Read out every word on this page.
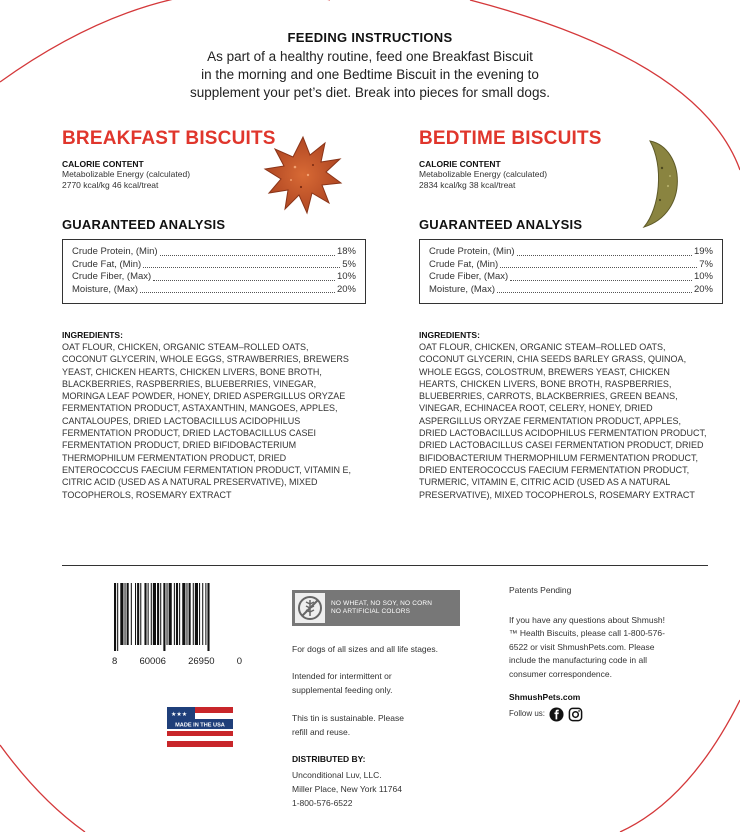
FEEDING INSTRUCTIONS

As part of a healthy routine, feed one Breakfast Biscuit
in the morning and one Bedtime Biscuit in the evening to
supplement your pet’s diet. Break into pieces for small dogs.

BREAKFAST BISCUITS
CALORIE CONTENT
Metabolizable Energy (calculated)
2770 kcal/kg 46 kcal/treat
GUARANTEED ANALYSIS
Crude Protein, (Min)	18%
Crude Fat, (Min)	5%
Crude Fiber, (Max)	10%
Moisture, (Max)	20%
INGREDIENTS:
OAT FLOUR, CHICKEN, ORGANIC STEAM–ROLLED OATS, COCONUT GLYCERIN, WHOLE EGGS, STRAWBERRIES, BREWERS YEAST, CHICKEN HEARTS, CHICKEN LIVERS, BONE BROTH, BLACKBERRIES, RASPBERRIES, BLUEBERRIES, VINEGAR, MORINGA LEAF POWDER, HONEY, DRIED ASPERGILLUS ORYZAE FERMENTATION PRODUCT, ASTAXANTHIN, MANGOES, APPLES, CANTALOUPES, DRIED LACTOBACILLUS ACIDOPHILUS FERMENTATION PRODUCT, DRIED LACTOBACILLUS CASEI FERMENTATION PRODUCT, DRIED BIFIDOBACTERIUM THERMOPHILUM FERMENTATION PRODUCT, DRIED ENTEROCOCCUS FAECIUM FERMENTATION PRODUCT, VITAMIN E, CITRIC ACID (USED AS A NATURAL PRESERVATIVE), MIXED TOCOPHEROLS, ROSEMARY EXTRACT
BEDTIME BISCUITS
CALORIE CONTENT
Metabolizable Energy (calculated)
2834 kcal/kg 38 kcal/treat
GUARANTEED ANALYSIS
Crude Protein, (Min)	19%
Crude Fat, (Min)	7%
Crude Fiber, (Max)	10%
Moisture, (Max)	20%
INGREDIENTS:
OAT FLOUR, CHICKEN, ORGANIC STEAM–ROLLED OATS, COCONUT GLYCERIN, CHIA SEEDS BARLEY GRASS, QUINOA, WHOLE EGGS, COLOSTRUM, BREWERS YEAST, CHICKEN HEARTS, CHICKEN LIVERS, BONE BROTH, RASPBERRIES, BLUEBERRIES, CARROTS, BLACKBERRIES, GREEN BEANS, VINEGAR, ECHINACEA ROOT, CELERY, HONEY, DRIED ASPERGILLUS ORYZAE FERMENTATION PRODUCT, APPLES, DRIED LACTOBACILLUS ACIDOPHILUS FERMENTATION PRODUCT, DRIED LACTOBACILLUS CASEI FERMENTATION PRODUCT, DRIED BIFIDOBACTERIUM THERMOPHILUM FERMENTATION PRODUCT, DRIED ENTEROCOCCUS FAECIUM FERMENTATION PRODUCT, TURMERIC, VITAMIN E, CITRIC ACID (USED AS A NATURAL PRESERVATIVE), MIXED TOCOPHEROLS, ROSEMARY EXTRACT
8 60006 26950 0
★★★
MADE IN THE USA
NO WHEAT, NO SOY, NO CORN
NO ARTIFICIAL COLORS

For dogs of all sizes and all life stages.

Intended for intermittent or supplemental feeding only.

This tin is sustainable. Please refill and reuse.

DISTRIBUTED BY:
Unconditional Luv, LLC.
Miller Place, New York 11764
1-800-576-6522

Patents Pending

If you have any questions about Shmush!™ Health Biscuits, please call 1-800-576-6522 or visit ShmushPets.com. Please include the manufacturing code in all consumer correspondence.

ShmushPets.com
Follow us:
